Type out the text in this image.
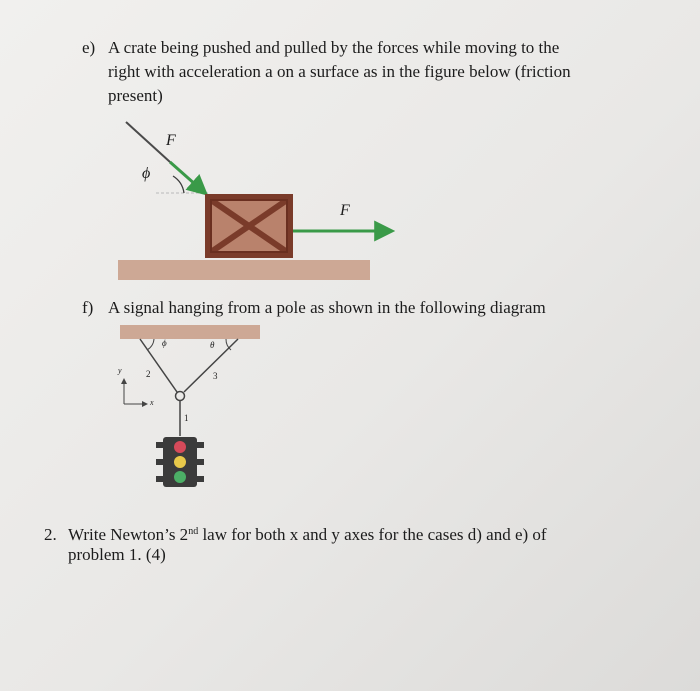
e) A crate being pushed and pulled by the forces while moving to the
right with acceleration a on a surface as in the figure below (friction
present)
F
ϕ
F
f) A signal hanging from a pole as shown in the following diagram
ϕ	θ
2	3
1
y
x
2. Write Newton’s 2nd law for both x and y axes for the cases d) and e) of
problem 1. (4)
